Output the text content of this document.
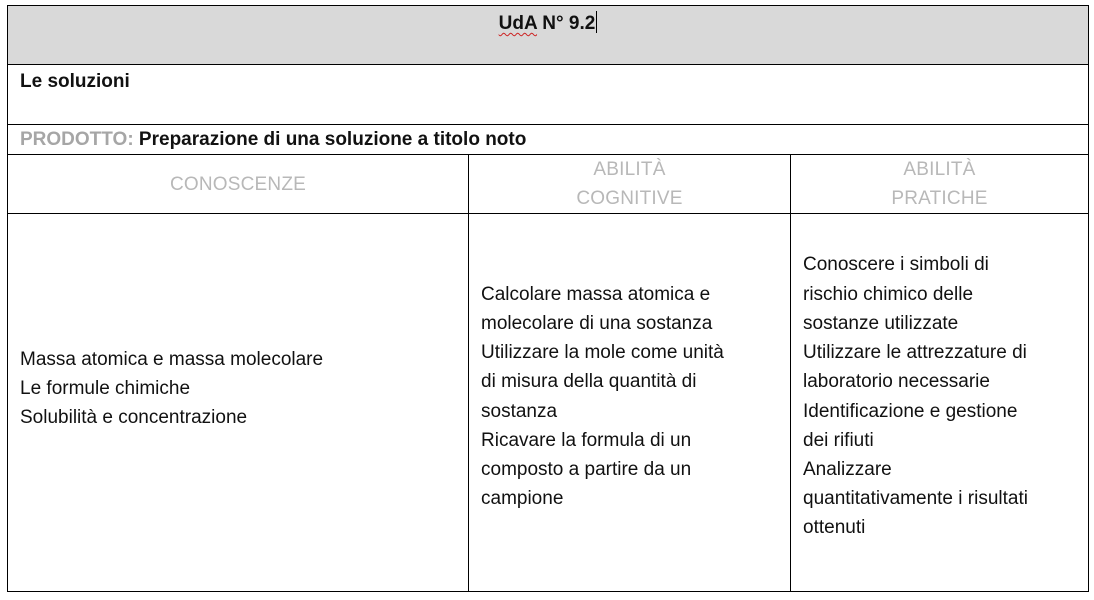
UdA N° 9.2
Le soluzioni
PRODOTTO: Preparazione di una soluzione a titolo noto
CONOSCENZE
ABILITÀ
COGNITIVE
ABILITÀ
PRATICHE
Massa atomica e massa molecolare
Le formule chimiche
Solubilità e concentrazione
Calcolare massa atomica e
molecolare di una sostanza
Utilizzare la mole come unità
di misura della quantità di
sostanza
Ricavare la formula di un
composto a partire da un
campione
Conoscere i simboli di
rischio chimico delle
sostanze utilizzate
Utilizzare le attrezzature di
laboratorio necessarie
Identificazione e gestione
dei rifiuti
Analizzare
quantitativamente i risultati
ottenuti
